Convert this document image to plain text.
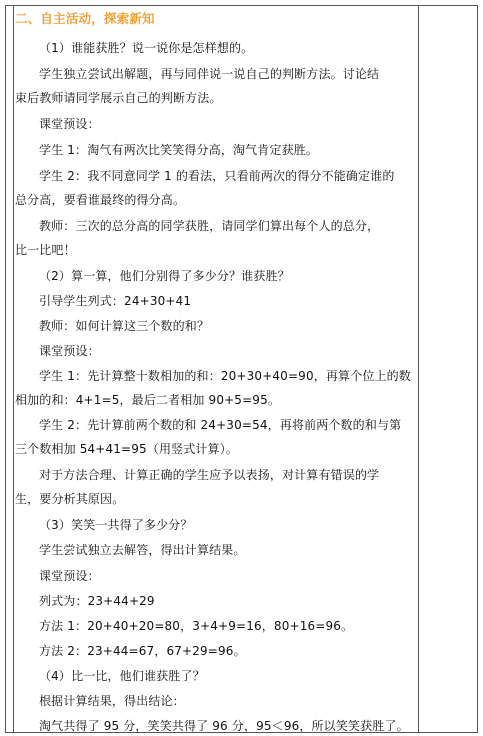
二、自主活动，探索新知
（1）谁能获胜？说一说你是怎样想的。
学生独立尝试出解题，再与同伴说一说自己的判断方法。讨论结
束后教师请同学展示自己的判断方法。
课堂预设：
学生 1：淘气有两次比笑笑得分高，淘气肯定获胜。
学生 2：我不同意同学 1 的看法，只看前两次的得分不能确定谁的
总分高，要看谁最终的得分高。
教师：三次的总分高的同学获胜，请同学们算出每个人的总分，
比一比吧！
（2）算一算，他们分别得了多少分？谁获胜？
引导学生列式：24+30+41
教师：如何计算这三个数的和？
课堂预设：
学生 1：先计算整十数相加的和：20+30+40=90，再算个位上的数
相加的和：4+1=5，最后二者相加 90+5=95。
学生 2：先计算前两个数的和 24+30=54，再将前两个数的和与第
三个数相加 54+41=95（用竖式计算）。
对于方法合理、计算正确的学生应予以表扬，对计算有错误的学
生，要分析其原因。
（3）笑笑一共得了多少分？
学生尝试独立去解答，得出计算结果。
课堂预设：
列式为：23+44+29
方法 1：20+40+20=80，3+4+9=16，80+16=96。
方法 2：23+44=67，67+29=96。
（4）比一比，他们谁获胜了？
根据计算结果，得出结论：
淘气共得了 95 分，笑笑共得了 96 分，95＜96，所以笑笑获胜了。
